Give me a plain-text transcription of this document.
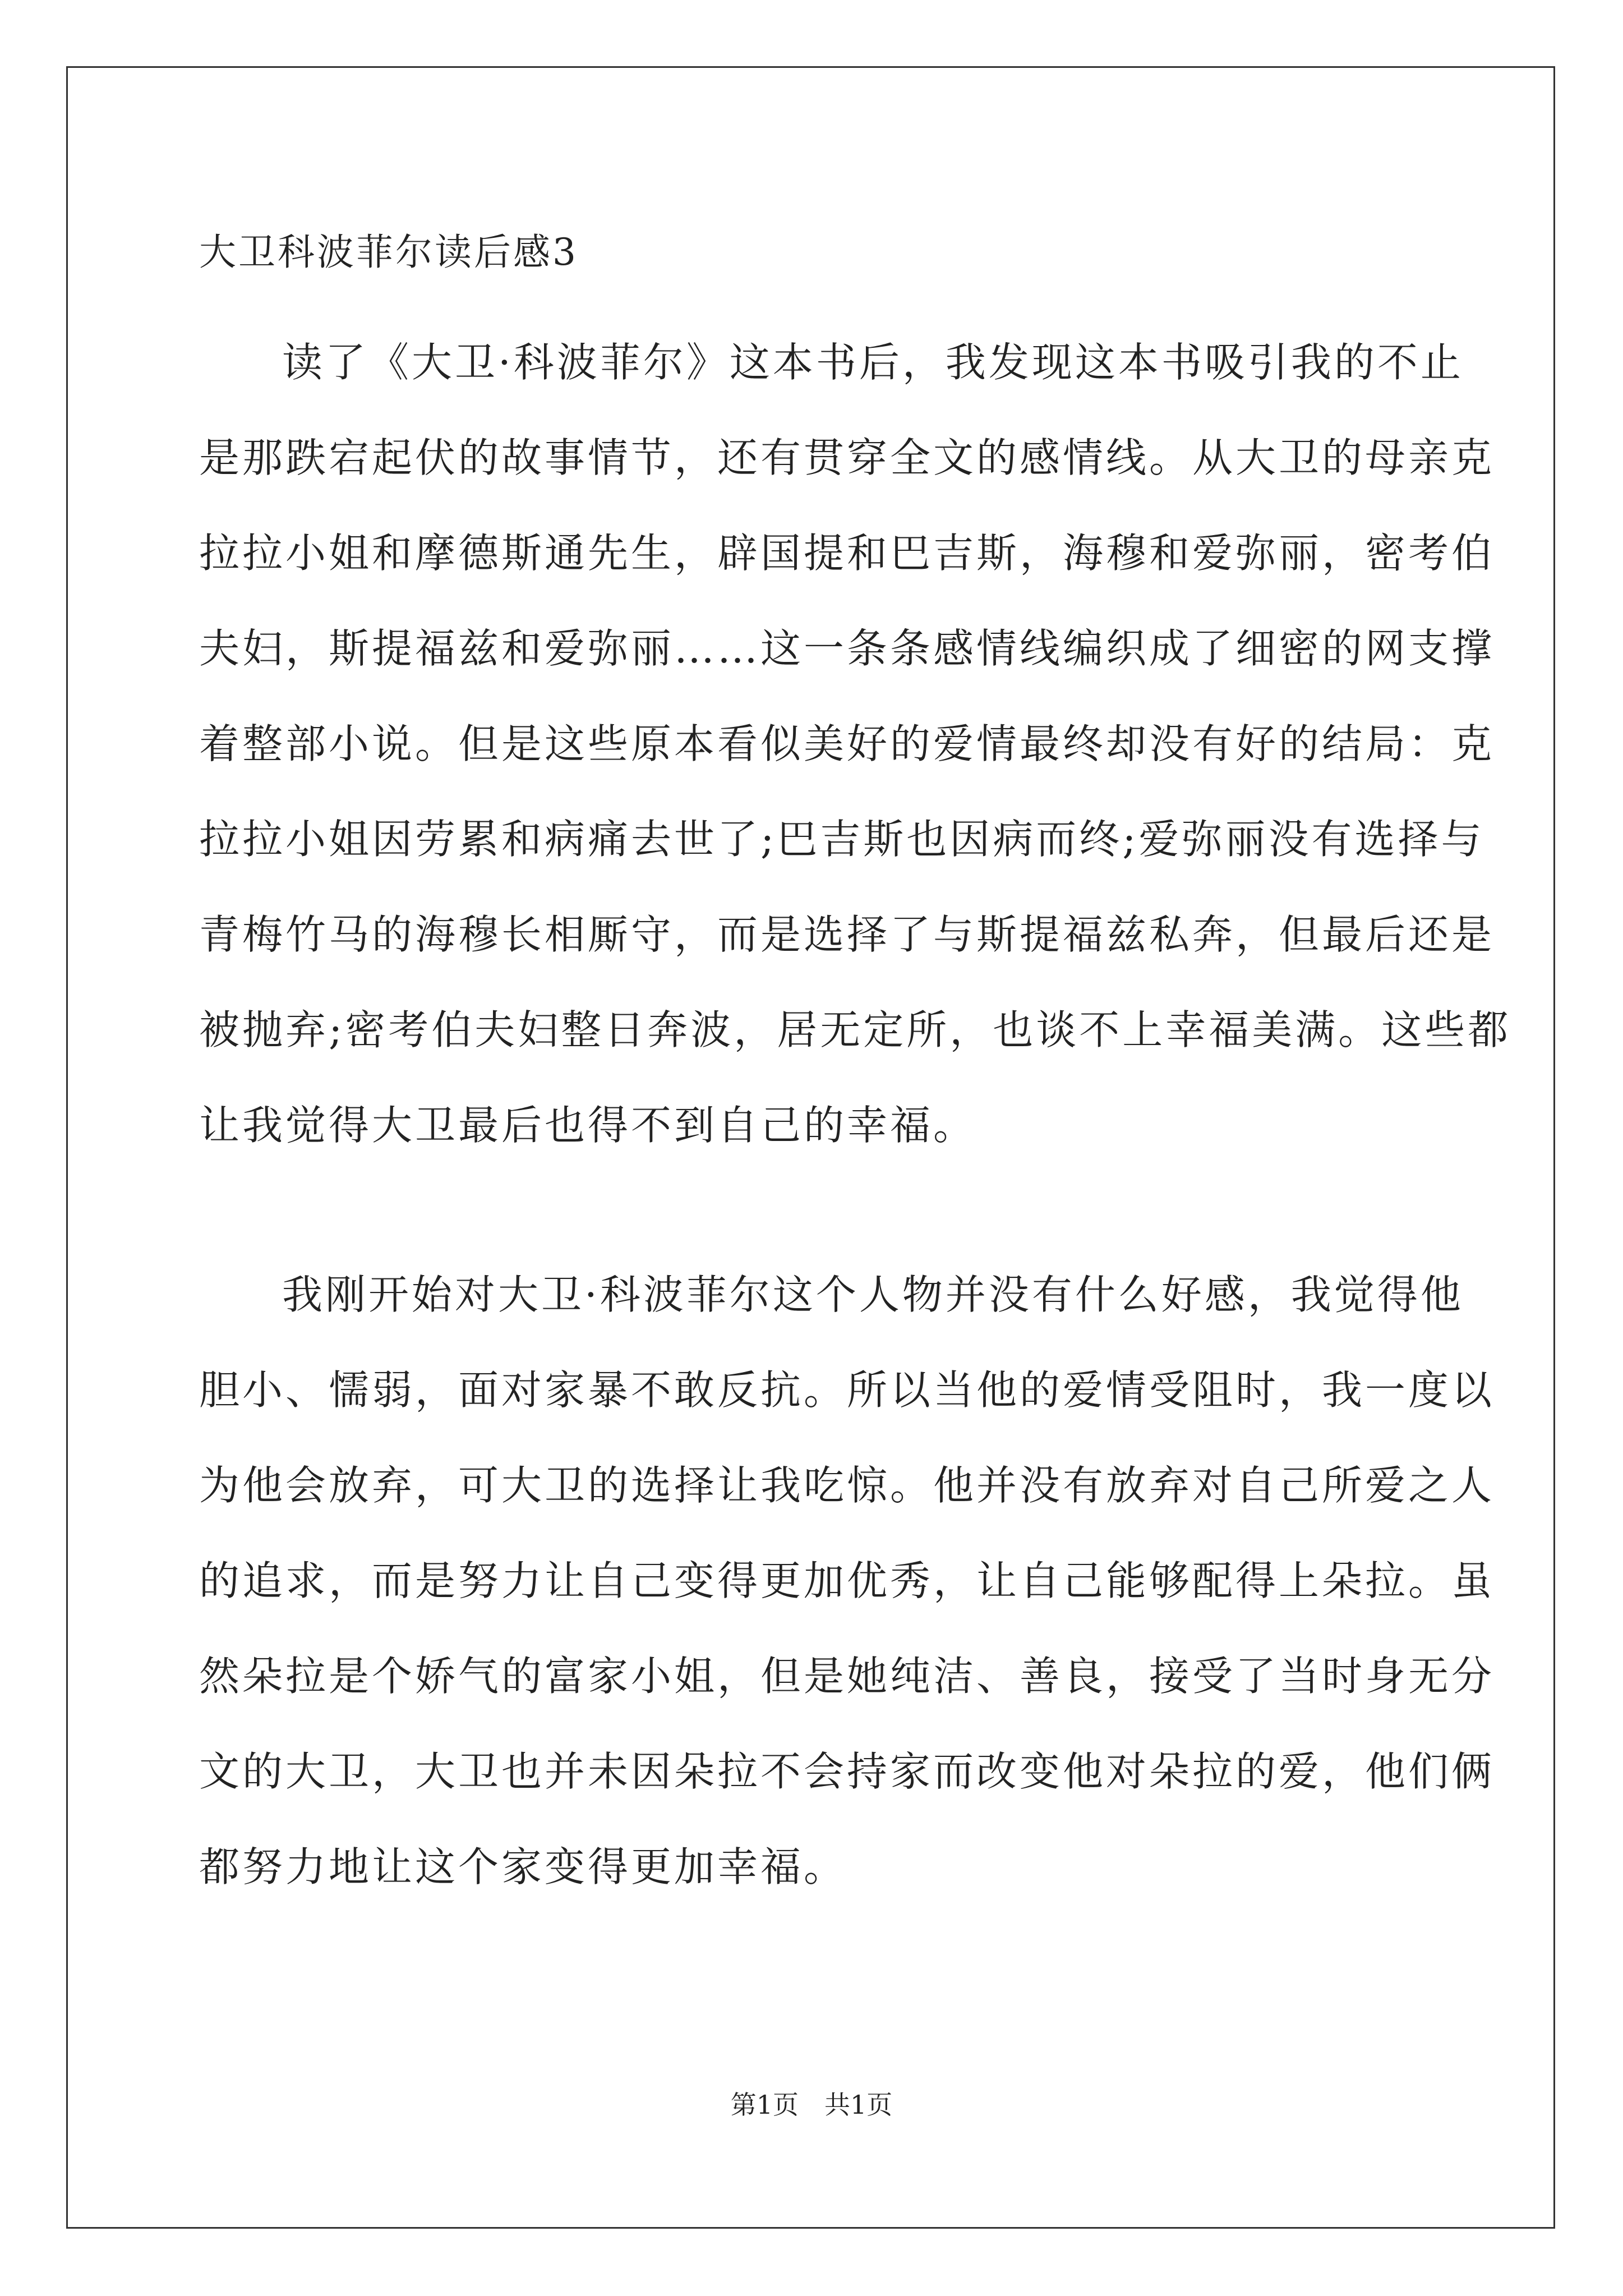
大卫科波菲尔读后感3
读了《大卫·科波菲尔》这本书后，我发现这本书吸引我的不止
是那跌宕起伏的故事情节，还有贯穿全文的感情线。从大卫的母亲克
拉拉小姐和摩德斯通先生，辟国提和巴吉斯，海穆和爱弥丽，密考伯
夫妇，斯提福兹和爱弥丽……这一条条感情线编织成了细密的网支撑
着整部小说。但是这些原本看似美好的爱情最终却没有好的结局：克
拉拉小姐因劳累和病痛去世了;巴吉斯也因病而终;爱弥丽没有选择与
青梅竹马的海穆长相厮守，而是选择了与斯提福兹私奔，但最后还是
被抛弃;密考伯夫妇整日奔波，居无定所，也谈不上幸福美满。这些都
让我觉得大卫最后也得不到自己的幸福。
我刚开始对大卫·科波菲尔这个人物并没有什么好感，我觉得他
胆小、懦弱，面对家暴不敢反抗。所以当他的爱情受阻时，我一度以
为他会放弃，可大卫的选择让我吃惊。他并没有放弃对自己所爱之人
的追求，而是努力让自己变得更加优秀，让自己能够配得上朵拉。虽
然朵拉是个娇气的富家小姐，但是她纯洁、善良，接受了当时身无分
文的大卫，大卫也并未因朵拉不会持家而改变他对朵拉的爱，他们俩
都努力地让这个家变得更加幸福。
第1页　共1页
